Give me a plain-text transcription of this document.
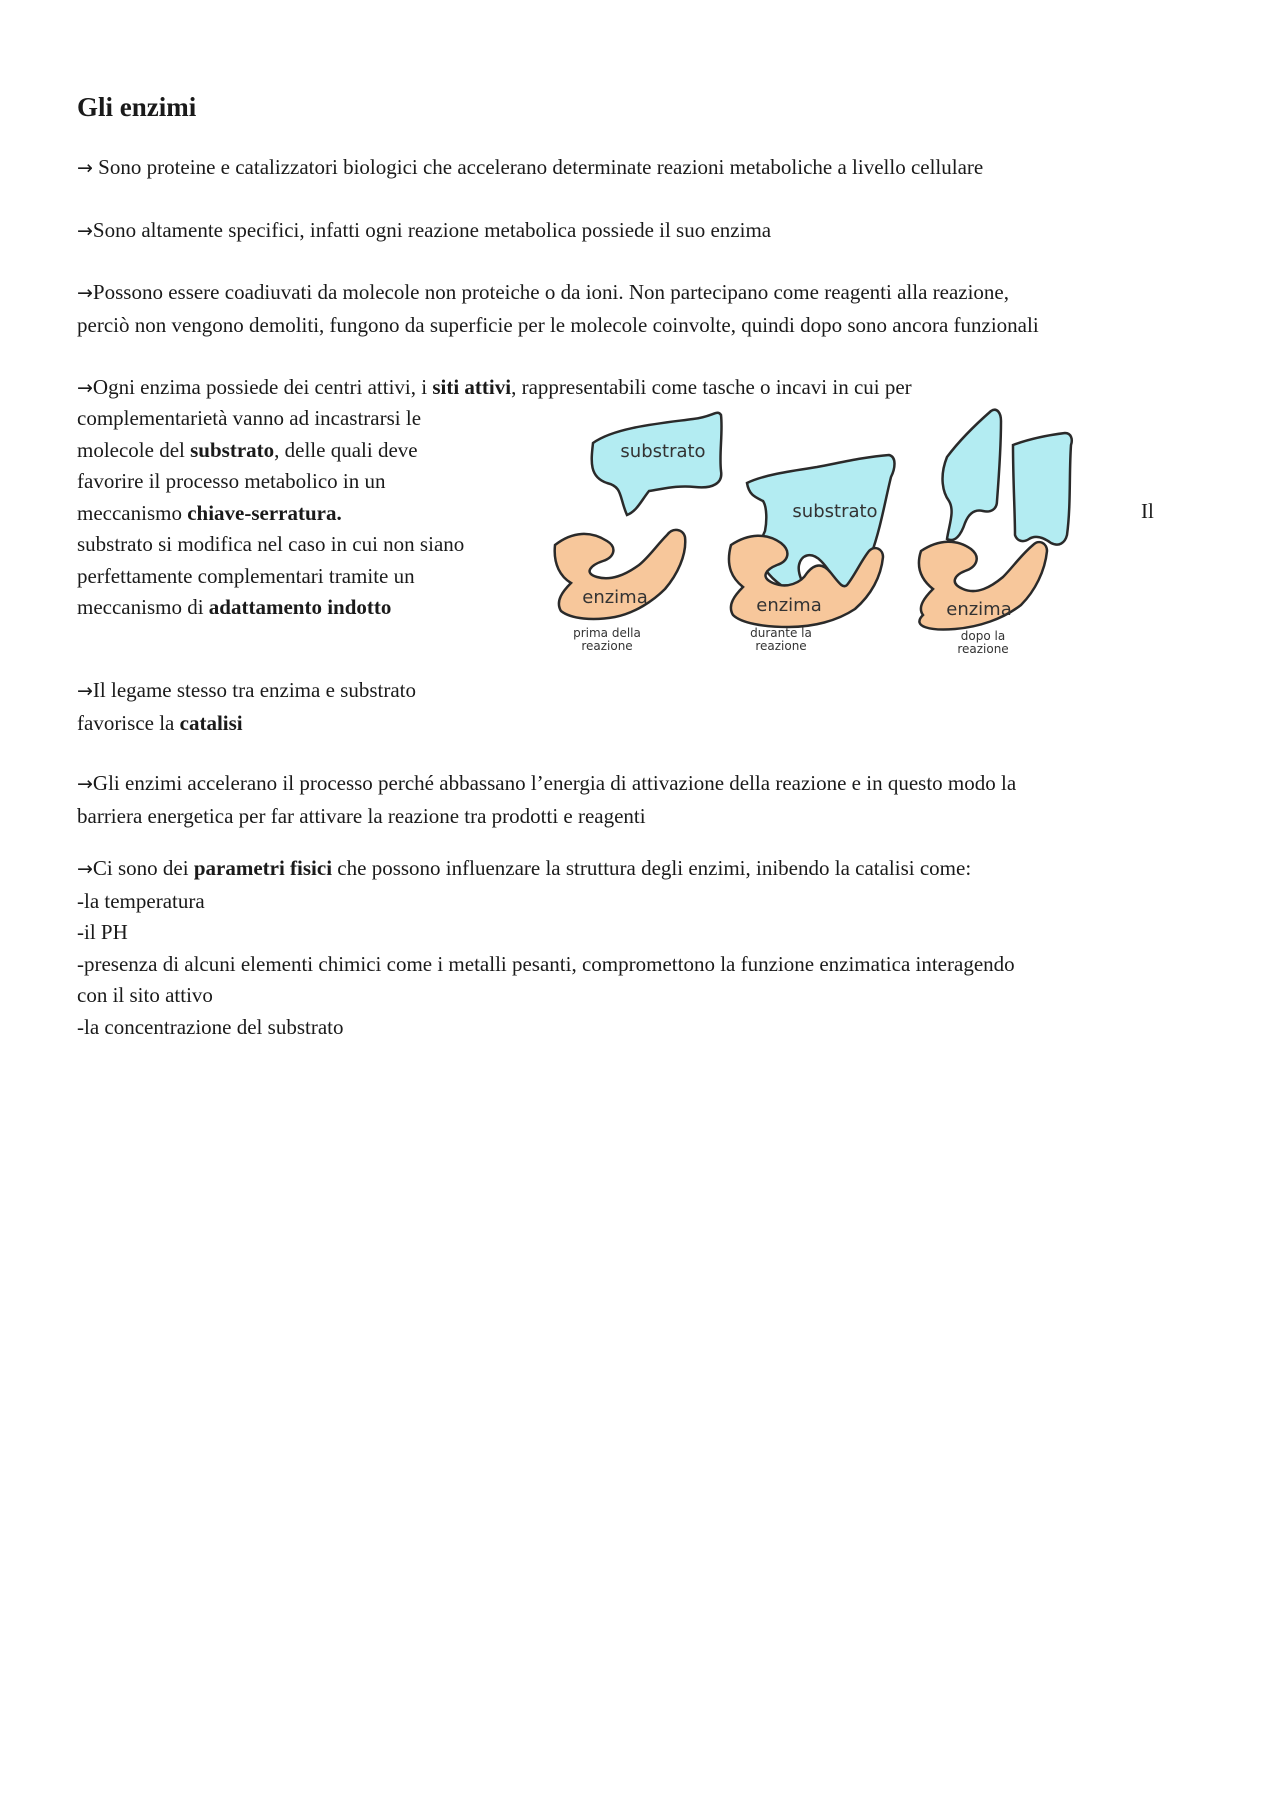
Gli enzimi

→ Sono proteine e catalizzatori biologici che accelerano determinate reazioni metaboliche a livello cellulare

→Sono altamente specifici, infatti ogni reazione metabolica possiede il suo enzima

→Possono essere coadiuvati da molecole non proteiche o da ioni. Non partecipano come reagenti alla reazione,
perciò non vengono demoliti, fungono da superficie per le molecole coinvolte, quindi dopo sono ancora funzionali

→Ogni enzima possiede dei centri attivi, i siti attivi, rappresentabili come tasche o incavi in cui per

complementarietà vanno ad incastrarsi le
molecole del substrato, delle quali deve
favorire il processo metabolico in un
meccanismo chiave-serratura.
substrato si modifica nel caso in cui non siano
perfettamente complementari tramite un
meccanismo di adattamento indotto
Il
substrato
enzima
prima della
reazione
substrato
enzima
durante la
reazione
enzima
dopo la
reazione

→Il legame stesso tra enzima e substrato
favorisce la catalisi

→Gli enzimi accelerano il processo perché abbassano l’energia di attivazione della reazione e in questo modo la
barriera energetica per far attivare la reazione tra prodotti e reagenti

→Ci sono dei parametri fisici che possono influenzare la struttura degli enzimi, inibendo la catalisi come:
-la temperatura
-il PH
-presenza di alcuni elementi chimici come i metalli pesanti, compromettono la funzione enzimatica interagendo
con il sito attivo
-la concentrazione del substrato
